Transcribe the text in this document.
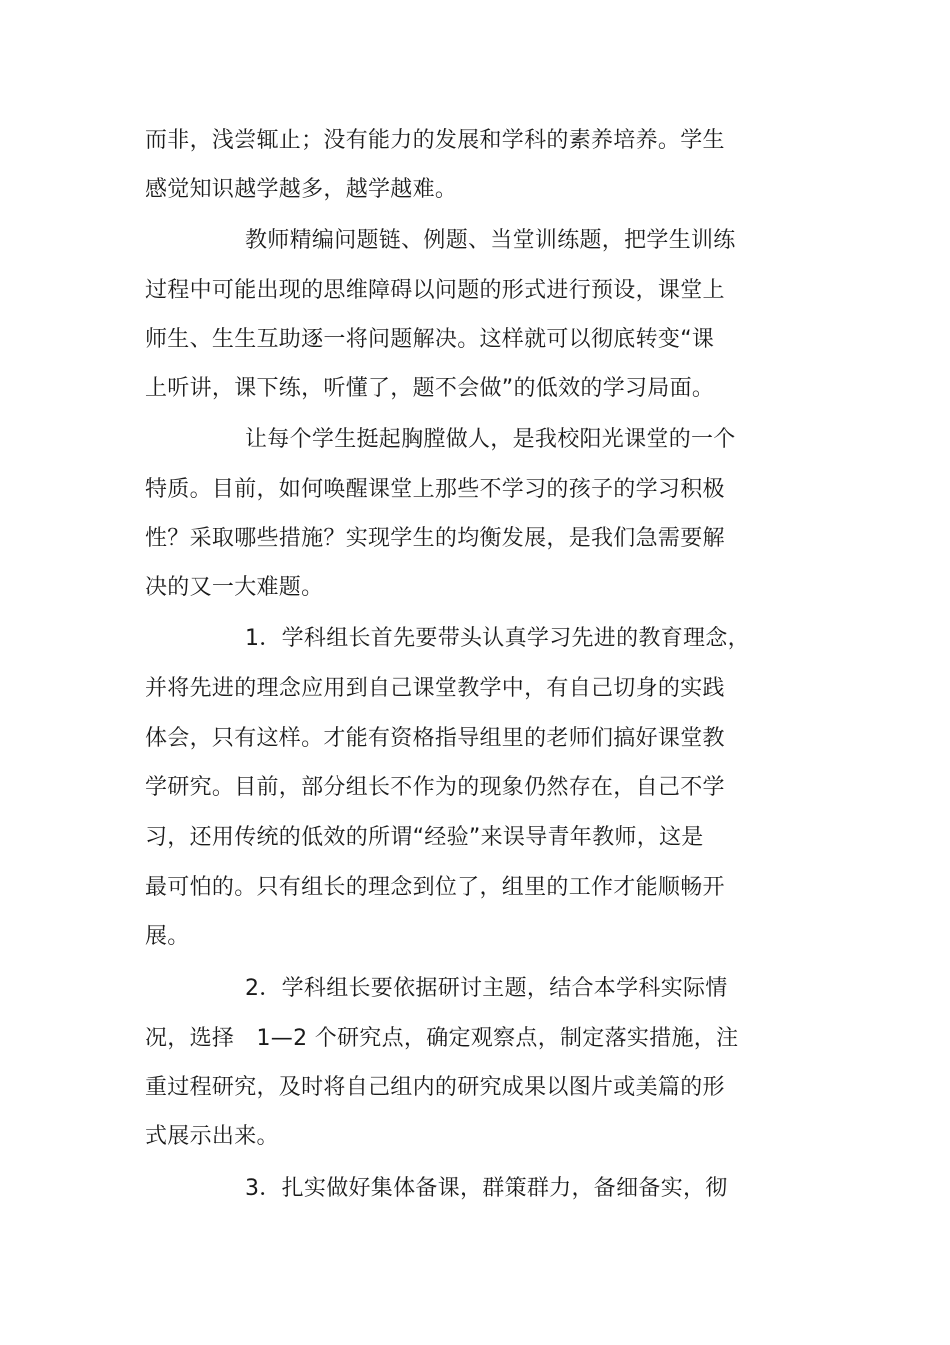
而非，浅尝辄止；没有能力的发展和学科的素养培养。学生
感觉知识越学越多，越学越难。
教师精编问题链、例题、当堂训练题，把学生训练
过程中可能出现的思维障碍以问题的形式进行预设，课堂上
师生、生生互助逐一将问题解决。这样就可以彻底转变“课
上听讲，课下练，听懂了，题不会做”的低效的学习局面。
让每个学生挺起胸膛做人，是我校阳光课堂的一个
特质。目前，如何唤醒课堂上那些不学习的孩子的学习积极
性？采取哪些措施？实现学生的均衡发展，是我们急需要解
决的又一大难题。
1．学科组长首先要带头认真学习先进的教育理念，
并将先进的理念应用到自己课堂教学中，有自己切身的实践
体会，只有这样。才能有资格指导组里的老师们搞好课堂教
学研究。目前，部分组长不作为的现象仍然存在，自己不学
习，还用传统的低效的所谓“经验”来误导青年教师，这是
最可怕的。只有组长的理念到位了，组里的工作才能顺畅开
展。
2．学科组长要依据研讨主题，结合本学科实际情
况，选择　1—2 个研究点，确定观察点，制定落实措施，注
重过程研究，及时将自己组内的研究成果以图片或美篇的形
式展示出来。
3．扎实做好集体备课，群策群力，备细备实，彻
